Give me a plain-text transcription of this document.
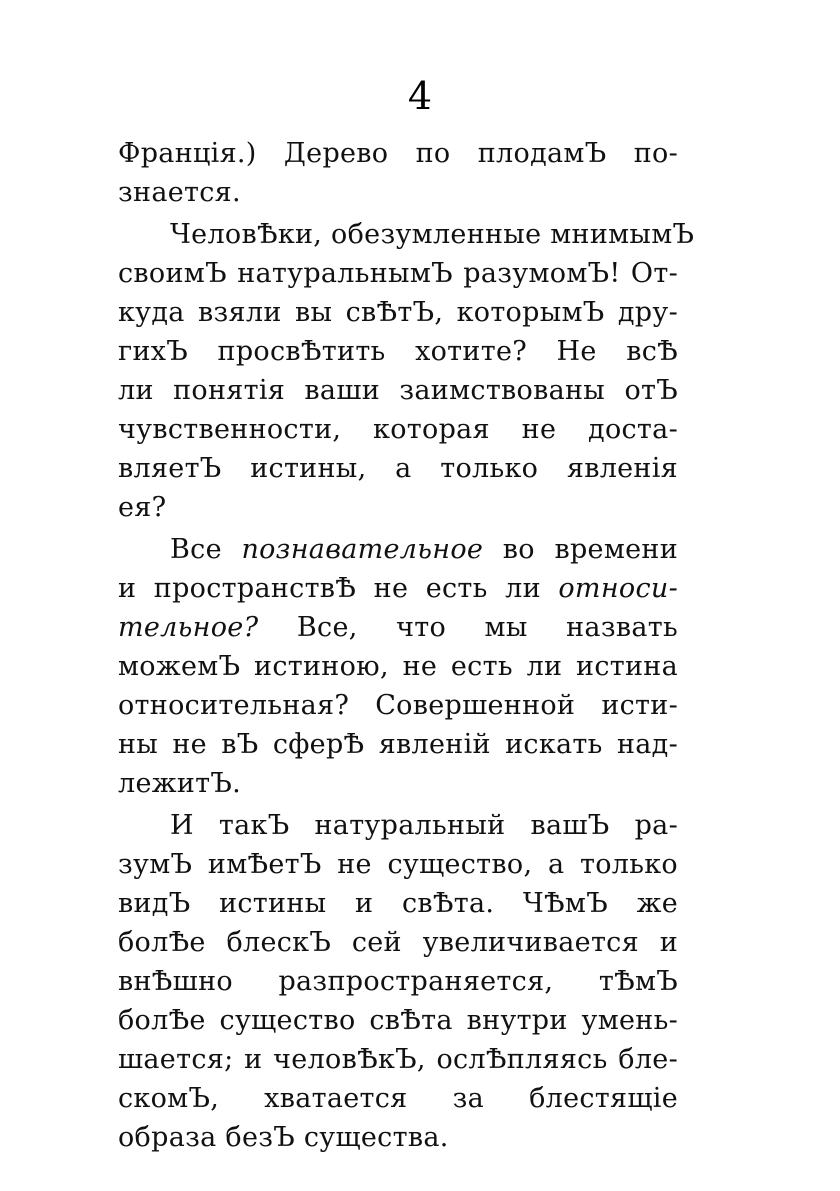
4
Франція.) Дерево по плодамЪ по-
знается.
ЧеловѢки, обезумленные мнимымЪ
своимЪ натуральнымЪ разумомЪ! От-
куда взяли вы свѢтЪ, которымЪ дру-
гихЪ просвѢтить хотите? Не всѢ
ли понятія ваши заимствованы отЪ
чувственности, которая не доста-
вляетЪ истины, а только явленія
ея?
Все познавательное во времени
и пространствѢ не есть ли относи-
тельное? Все, что мы назвать
можемЪ истиною, не есть ли истина
относительная? Совершенной исти-
ны не вЪ сферѢ явленій искать над-
лежитЪ.
И такЪ натуральный вашЪ ра-
зумЪ имѢетЪ не существо, а только
видЪ истины и свѢта. ЧѢмЪ же
болѢе блескЪ сей увеличивается и
внѢшно разпространяется, тѢмЪ
болѢе существо свѢта внутри умень-
шается; и человѢкЪ, ослѢпляясь бле-
скомЪ, хватается за блестящіе
образа безЪ существа.
